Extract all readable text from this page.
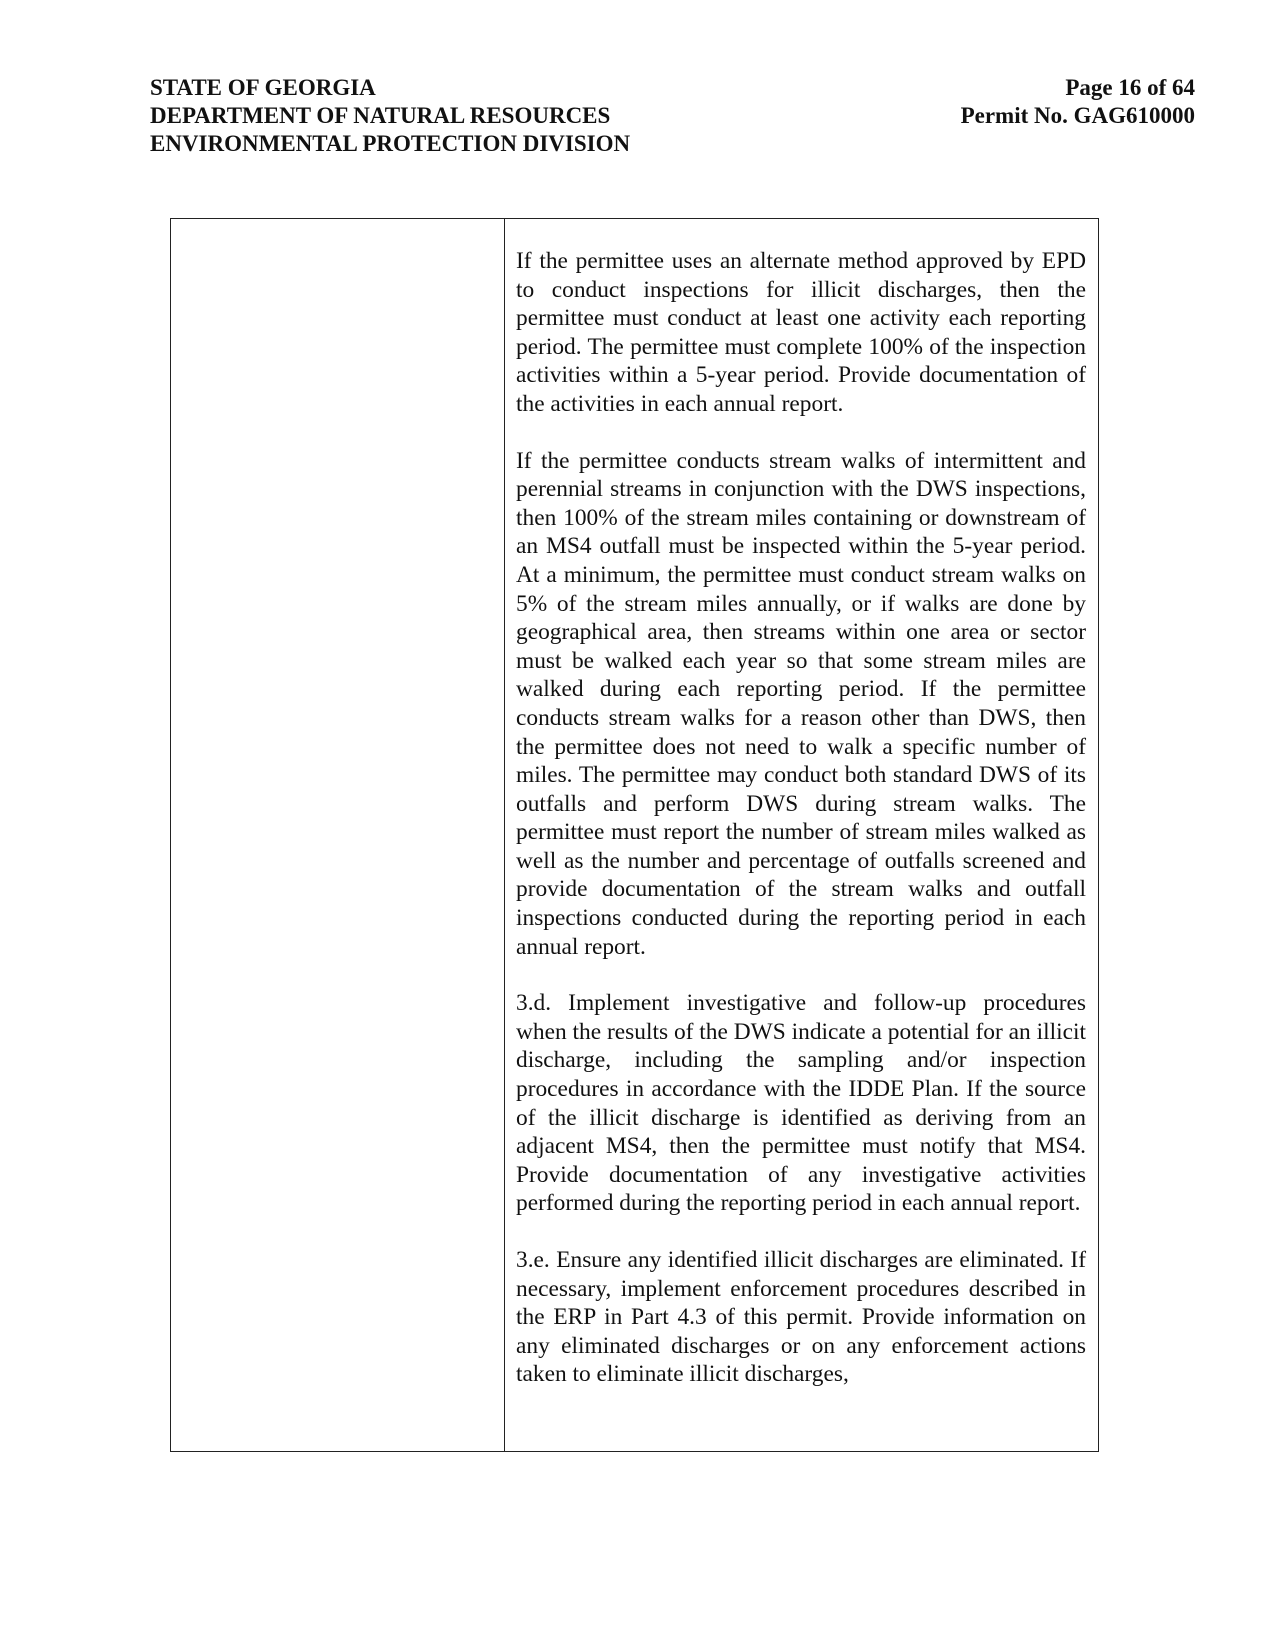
STATE OF GEORGIA
DEPARTMENT OF NATURAL RESOURCES
ENVIRONMENTAL PROTECTION DIVISION
Page 16 of 64
Permit No. GAG610000

If the permittee uses an alternate method approved by EPD to conduct inspections for illicit discharges, then the permittee must conduct at least one activity each reporting period. The permittee must complete 100% of the inspection activities within a 5-year period. Provide documentation of the activities in each annual report.

If the permittee conducts stream walks of intermittent and perennial streams in conjunction with the DWS inspections, then 100% of the stream miles containing or downstream of an MS4 outfall must be inspected within the 5-year period. At a minimum, the permittee must conduct stream walks on 5% of the stream miles annually, or if walks are done by geographical area, then streams within one area or sector must be walked each year so that some stream miles are walked during each reporting period. If the permittee conducts stream walks for a reason other than DWS, then the permittee does not need to walk a specific number of miles. The permittee may conduct both standard DWS of its outfalls and perform DWS during stream walks. The permittee must report the number of stream miles walked as well as the number and percentage of outfalls screened and provide documentation of the stream walks and outfall inspections conducted during the reporting period in each annual report.

3.d. Implement investigative and follow-up procedures when the results of the DWS indicate a potential for an illicit discharge, including the sampling and/or inspection procedures in accordance with the IDDE Plan. If the source of the illicit discharge is identified as deriving from an adjacent MS4, then the permittee must notify that MS4. Provide documentation of any investigative activities performed during the reporting period in each annual report.

3.e. Ensure any identified illicit discharges are eliminated. If necessary, implement enforcement procedures described in the ERP in Part 4.3 of this permit. Provide information on any eliminated discharges or on any enforcement actions taken to eliminate illicit discharges,
